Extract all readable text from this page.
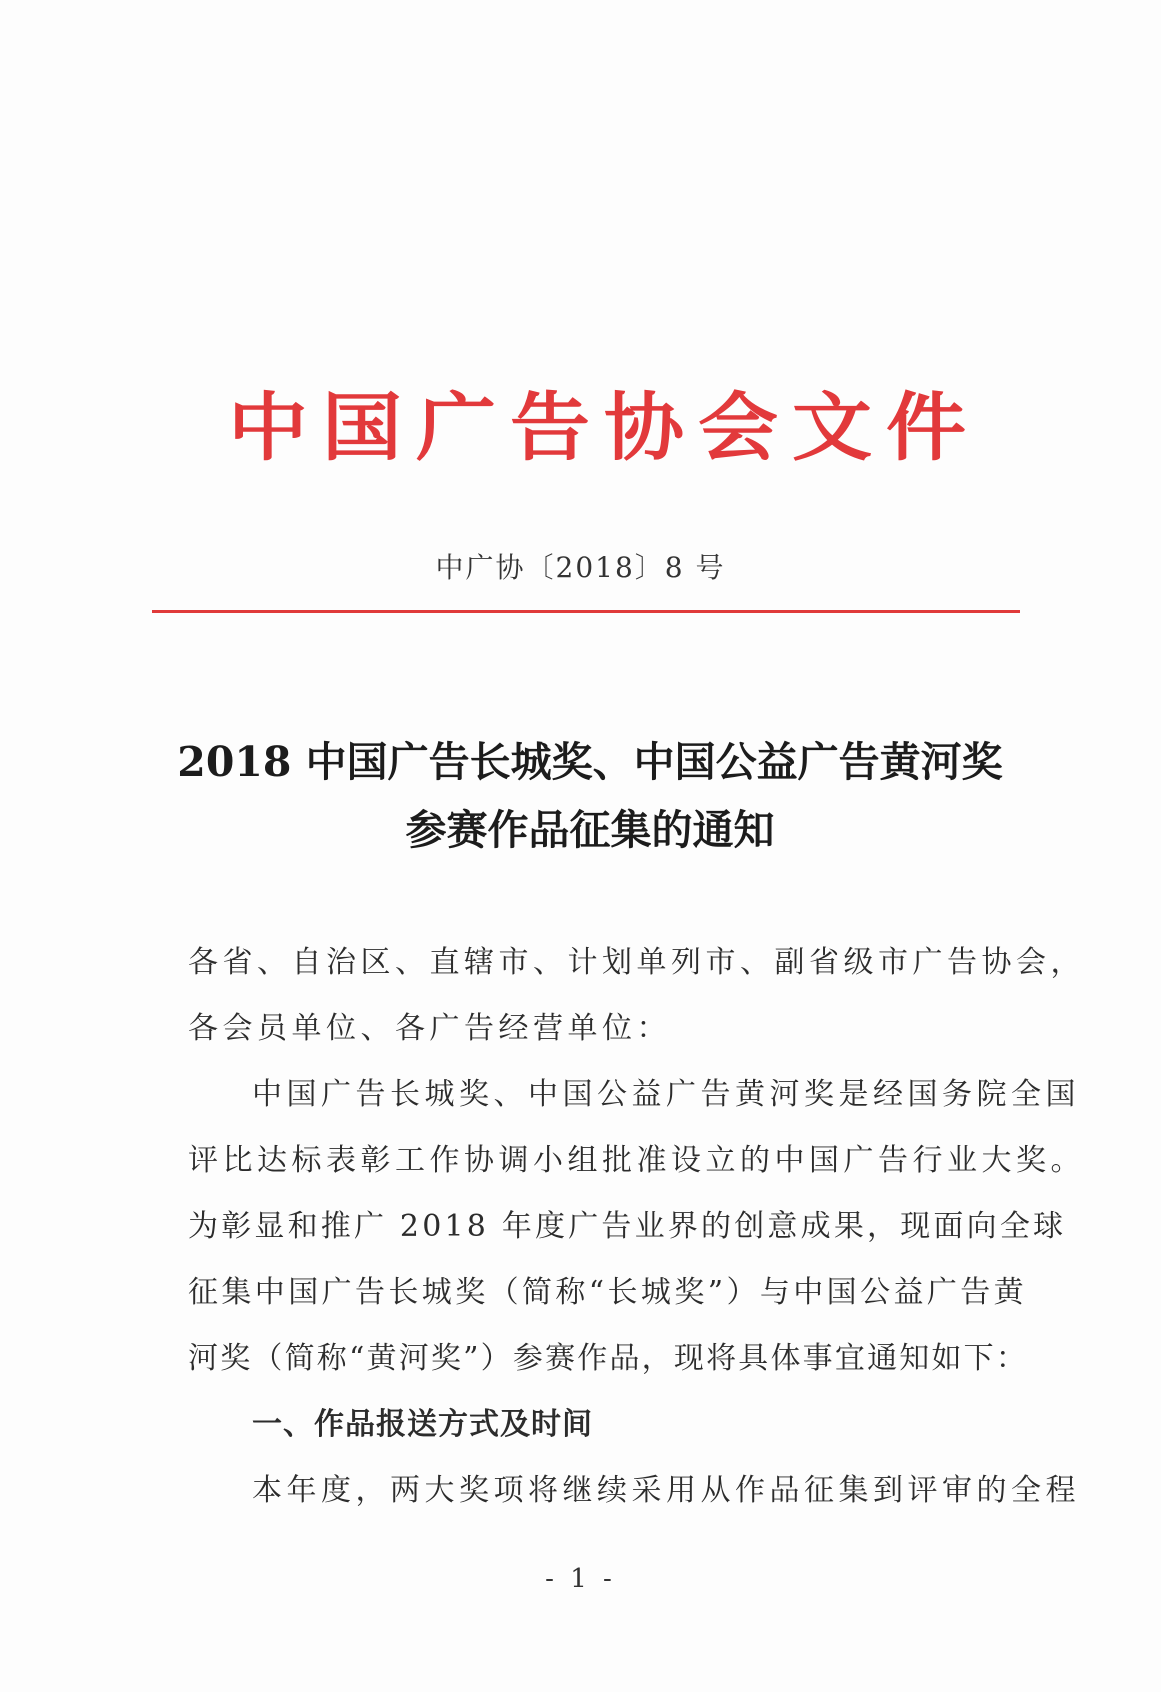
中国广告协会文件
中广协〔2018〕8 号
2018 中国广告长城奖、中国公益广告黄河奖
参赛作品征集的通知
各省、自治区、直辖市、计划单列市、副省级市广告协会，
各会员单位、各广告经营单位：
中国广告长城奖、中国公益广告黄河奖是经国务院全国
评比达标表彰工作协调小组批准设立的中国广告行业大奖。
为彰显和推广 2018 年度广告业界的创意成果，现面向全球
征集中国广告长城奖（简称“长城奖”）与中国公益广告黄
河奖（简称“黄河奖”）参赛作品，现将具体事宜通知如下：
一、作品报送方式及时间
本年度，两大奖项将继续采用从作品征集到评审的全程
- 1 -
